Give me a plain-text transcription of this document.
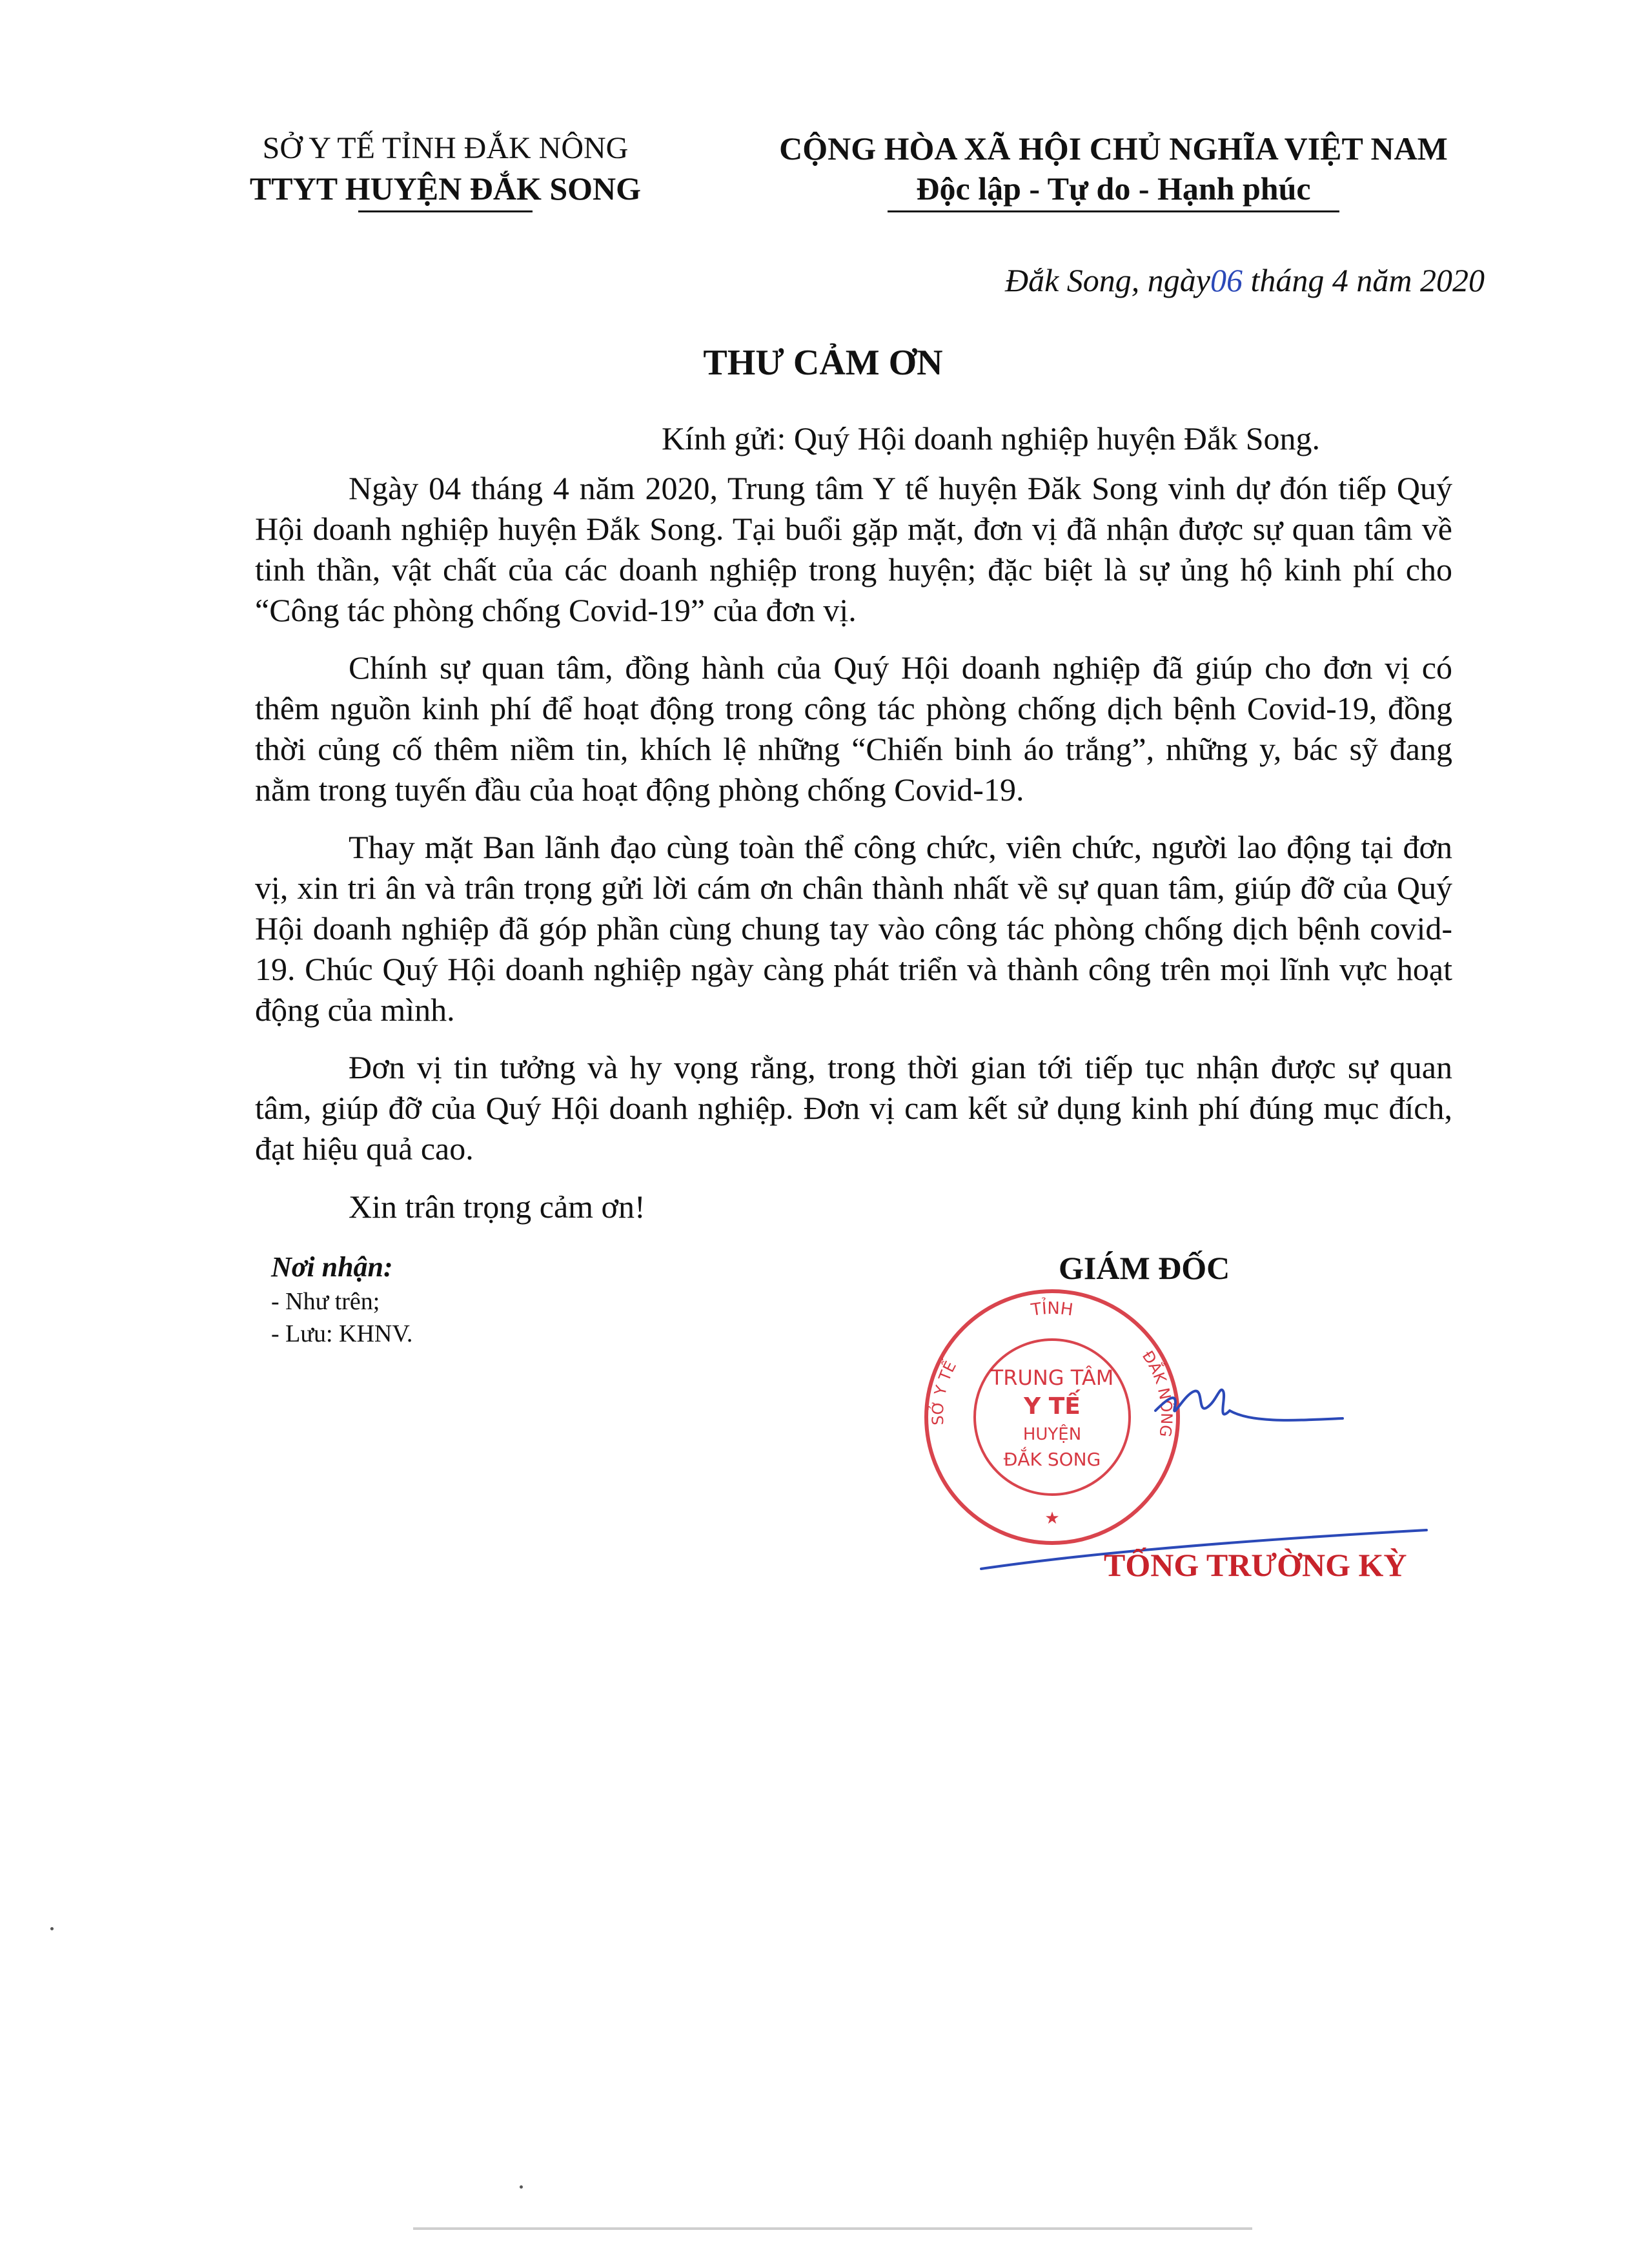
SỞ Y TẾ TỈNH ĐẮK NÔNG
TTYT HUYỆN ĐẮK SONG
CỘNG HÒA XÃ HỘI CHỦ NGHĨA VIỆT NAM
Độc lập - Tự do - Hạnh phúc
Đắk Song, ngày06 tháng 4 năm 2020
THƯ CẢM ƠN
Kính gửi: Quý Hội doanh nghiệp huyện Đắk Song.

Ngày 04 tháng 4 năm 2020, Trung tâm Y tế huyện Đăk Song vinh dự đón tiếp Quý Hội doanh nghiệp huyện Đắk Song. Tại buổi gặp mặt, đơn vị đã nhận được sự quan tâm về tinh thần, vật chất của các doanh nghiệp trong huyện; đặc biệt là sự ủng hộ kinh phí cho “Công tác phòng chống Covid-19” của đơn vị.

Chính sự quan tâm, đồng hành của Quý Hội doanh nghiệp đã giúp cho đơn vị có thêm nguồn kinh phí để hoạt động trong công tác phòng chống dịch bệnh Covid-19, đồng thời củng cố thêm niềm tin, khích lệ những “Chiến binh áo trắng”, những y, bác sỹ đang nằm trong tuyến đầu của hoạt động phòng chống Covid-19.

Thay mặt Ban lãnh đạo cùng toàn thể công chức, viên chức, người lao động tại đơn vị, xin tri ân và trân trọng gửi lời cám ơn chân thành nhất về sự quan tâm, giúp đỡ của Quý Hội doanh nghiệp đã góp phần cùng chung tay vào công tác phòng chống dịch bệnh covid-19. Chúc Quý Hội doanh nghiệp ngày càng phát triển và thành công trên mọi lĩnh vực hoạt động của mình.

Đơn vị tin tưởng và hy vọng rằng, trong thời gian tới tiếp tục nhận được sự quan tâm, giúp đỡ của Quý Hội doanh nghiệp. Đơn vị cam kết sử dụng kinh phí đúng mục đích, đạt hiệu quả cao.

Xin trân trọng cảm ơn!
Nơi nhận:
- Như trên;
- Lưu: KHNV.
GIÁM ĐỐC
TỈNH
SỞ Y TẾ	ĐẮK NÔNG
TRUNG TÂM
Y TẾ
HUYỆN
ĐẮK SONG
★
TỐNG TRƯỜNG KỲ
